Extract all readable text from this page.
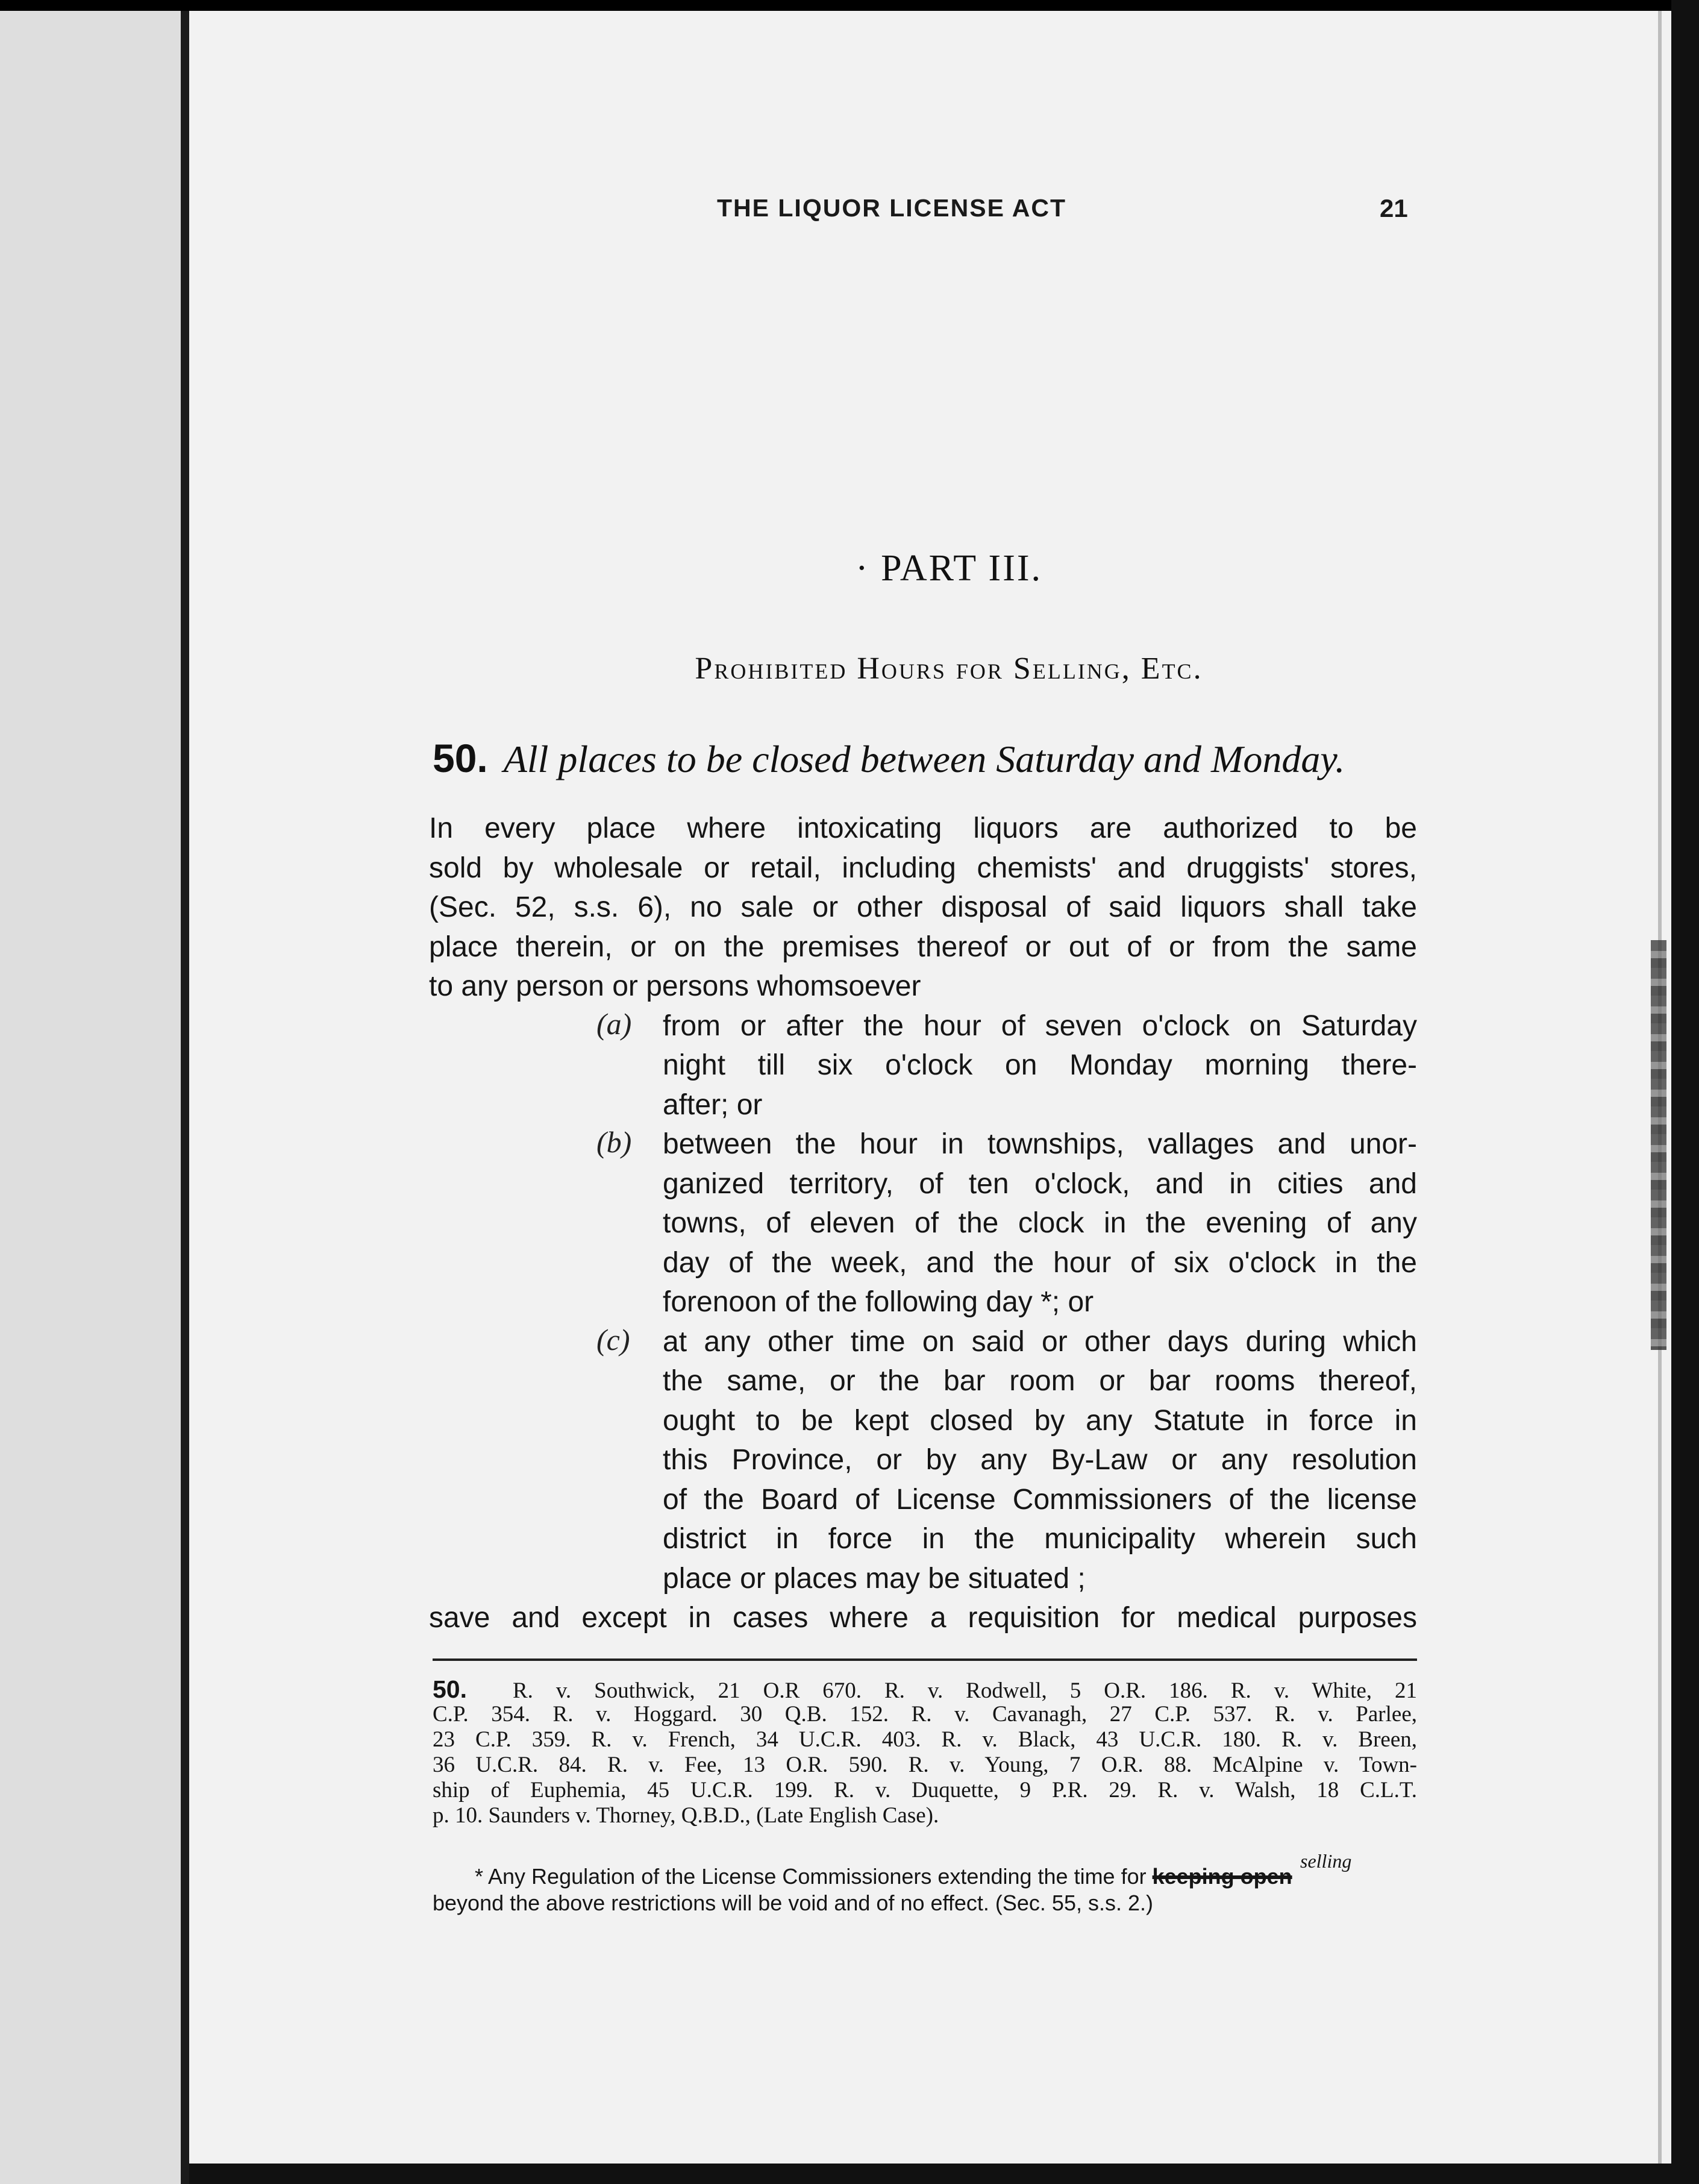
THE LIQUOR LICENSE ACT	21
· PART III.
Prohibited Hours for Selling, Etc.
50. All places to be closed between Saturday and Monday.
In every place where intoxicating liquors are authorized to be
sold by wholesale or retail, including chemists' and druggists' stores,
(Sec. 52, s.s. 6), no sale or other disposal of said liquors shall take
place therein, or on the premises thereof or out of or from the same
to any person or persons whomsoever
(a) from or after the hour of seven o'clock on Saturday
night till six o'clock on Monday morning there-
after; or
(b) between the hour in townships, vallages and unor-
ganized territory, of ten o'clock, and in cities and
towns, of eleven of the clock in the evening of any
day of the week, and the hour of six o'clock in the
forenoon of the following day *; or
(c) at any other time on said or other days during which
the same, or the bar room or bar rooms thereof,
ought to be kept closed by any Statute in force in
this Province, or by any By-Law or any resolution
of the Board of License Commissioners of the license
district in force in the municipality wherein such
place or places may be situated ;
save and except in cases where a requisition for medical purposes
50. R. v. Southwick, 21 O.R 670. R. v. Rodwell, 5 O.R. 186. R. v. White, 21
C.P. 354. R. v. Hoggard. 30 Q.B. 152. R. v. Cavanagh, 27 C.P. 537. R. v. Parlee,
23 C.P. 359. R. v. French, 34 U.C.R. 403. R. v. Black, 43 U.C.R. 180. R. v. Breen,
36 U.C.R. 84. R. v. Fee, 13 O.R. 590. R. v. Young, 7 O.R. 88. McAlpine v. Town-
ship of Euphemia, 45 U.C.R. 199. R. v. Duquette, 9 P.R. 29. R. v. Walsh, 18 C.L.T.
p. 10. Saunders v. Thorney, Q.B.D., (Late English Case).
* Any Regulation of the License Commissioners extending the time for keeping open
selling
beyond the above restrictions will be void and of no effect. (Sec. 55, s.s. 2.)
